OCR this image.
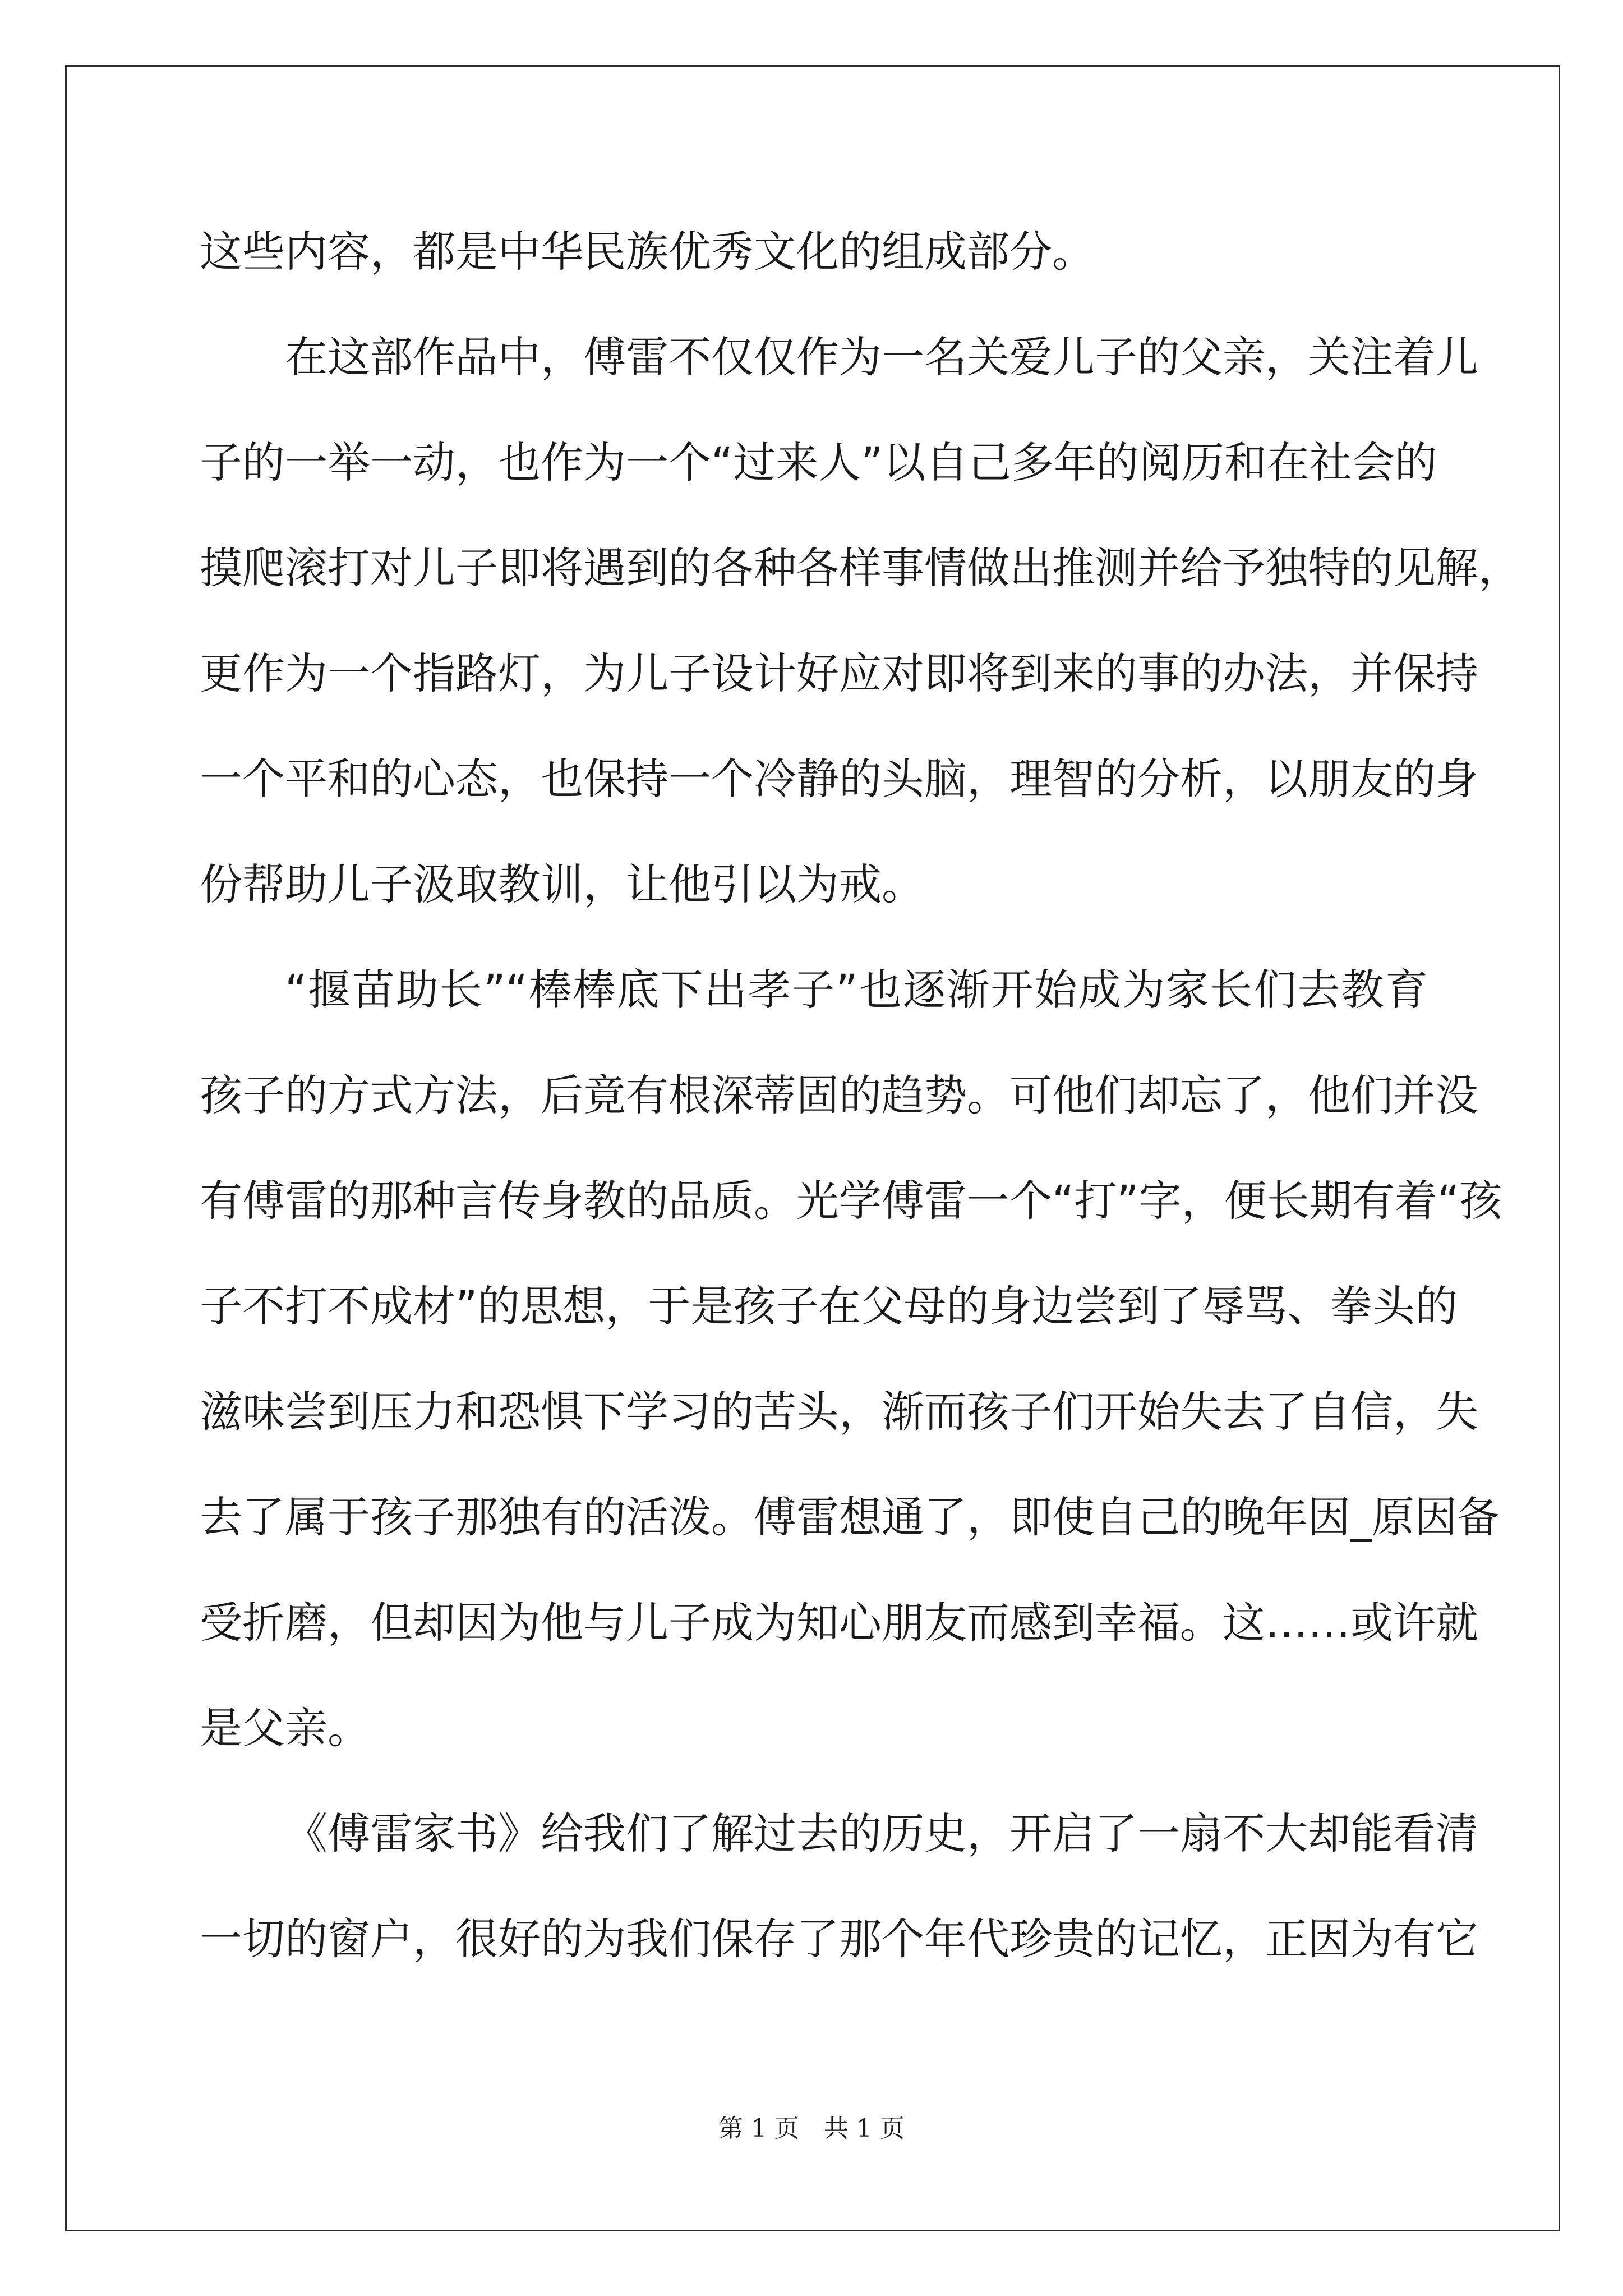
这些内容，都是中华民族优秀文化的组成部分。
在这部作品中，傅雷不仅仅作为一名关爱儿子的父亲，关注着儿
子的一举一动，也作为一个“过来人”以自己多年的阅历和在社会的
摸爬滚打对儿子即将遇到的各种各样事情做出推测并给予独特的见解，
更作为一个指路灯，为儿子设计好应对即将到来的事的办法，并保持
一个平和的心态，也保持一个冷静的头脑，理智的分析，以朋友的身
份帮助儿子汲取教训，让他引以为戒。
“揠苗助长”“棒棒底下出孝子”也逐渐开始成为家长们去教育
孩子的方式方法，后竟有根深蒂固的趋势。可他们却忘了，他们并没
有傅雷的那种言传身教的品质。光学傅雷一个“打”字，便长期有着“孩
子不打不成材”的思想，于是孩子在父母的身边尝到了辱骂、拳头的
滋味尝到压力和恐惧下学习的苦头，渐而孩子们开始失去了自信，失
去了属于孩子那独有的活泼。傅雷想通了，即使自己的晚年因_原因备
受折磨，但却因为他与儿子成为知心朋友而感到幸福。这……或许就
是父亲。
《傅雷家书》给我们了解过去的历史，开启了一扇不大却能看清
一切的窗户，很好的为我们保存了那个年代珍贵的记忆，正因为有它
第 1 页 共 1 页
